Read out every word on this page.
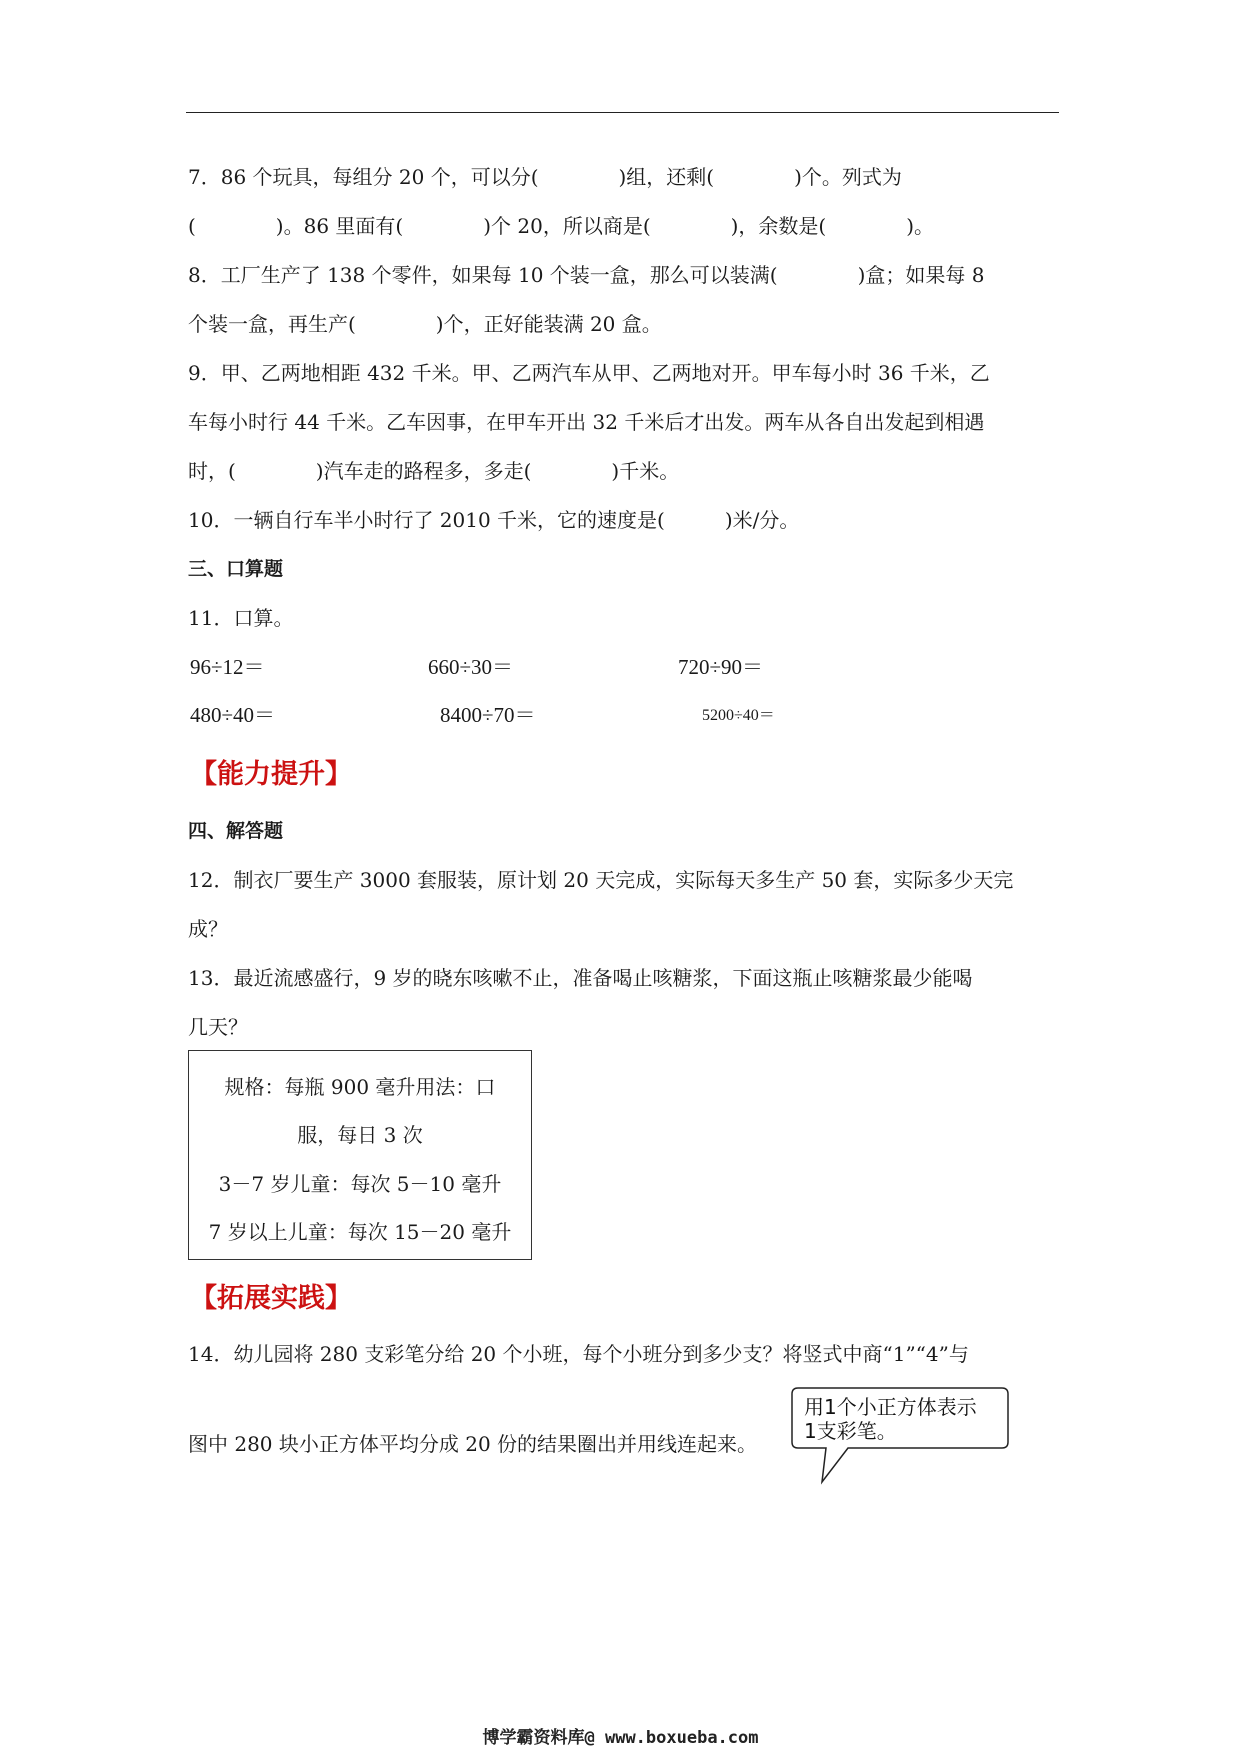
7．86 个玩具，每组分 20 个，可以分(　　　　)组，还剩(　　　　)个。列式为
(　　　　)。86 里面有(　　　　)个 20，所以商是(　　　　)，余数是(　　　　)。
8．工厂生产了 138 个零件，如果每 10 个装一盒，那么可以装满(　　　　)盒；如果每 8
个装一盒，再生产(　　　　)个，正好能装满 20 盒。
9．甲、乙两地相距 432 千米。甲、乙两汽车从甲、乙两地对开。甲车每小时 36 千米，乙
车每小时行 44 千米。乙车因事，在甲车开出 32 千米后才出发。两车从各自出发起到相遇
时，(　　　　)汽车走的路程多，多走(　　　　)千米。
10．一辆自行车半小时行了 2010 千米，它的速度是(　　　)米/分。
三、口算题
11．口算。
96÷12＝	660÷30＝	720÷90＝
480÷40＝	8400÷70＝	5200÷40＝
【能力提升】
四、解答题
12．制衣厂要生产 3000 套服装，原计划 20 天完成，实际每天多生产 50 套，实际多少天完
成？
13．最近流感盛行，9 岁的晓东咳嗽不止，准备喝止咳糖浆，下面这瓶止咳糖浆最少能喝
几天？
规格：每瓶 900 毫升用法：口
服，每日 3 次
3－7 岁儿童：每次 5－10 毫升
7 岁以上儿童：每次 15－20 毫升
【拓展实践】
14．幼儿园将 280 支彩笔分给 20 个小班，每个小班分到多少支？将竖式中商“1”“4”与
图中 280 块小正方体平均分成 20 份的结果圈出并用线连起来。
用1个小正方体表示
1支彩笔。
博学霸资料库@ www.boxueba.com
